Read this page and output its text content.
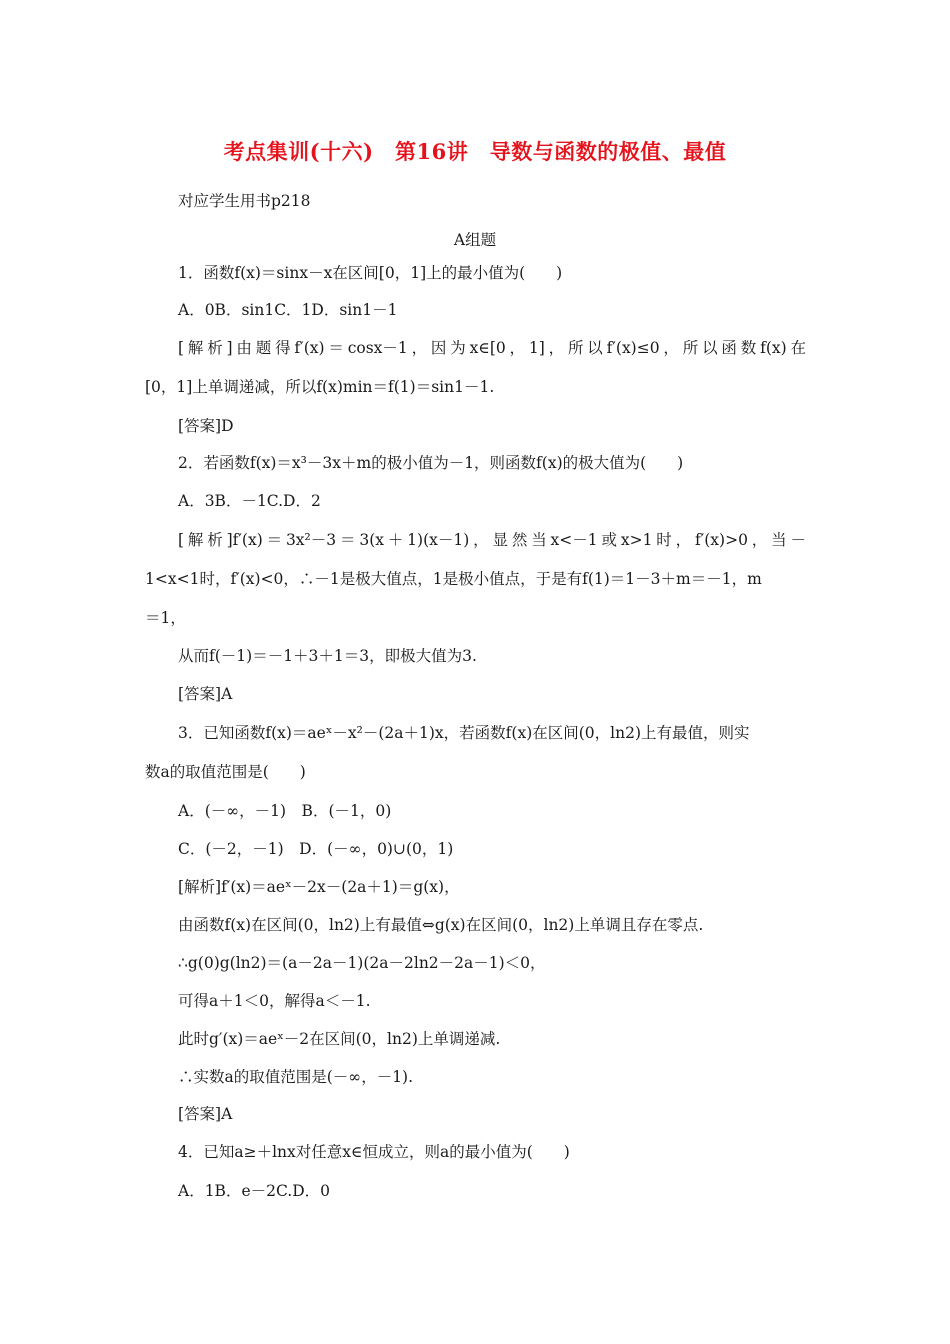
考点集训(十六)　第16讲　导数与函数的极值、最值
对应学生用书p218
A组题
1．函数f(x)＝sinx－x在区间[0，1]上的最小值为(　　)
A．0B．sin1C．1D．sin1－1
[解析]由题得f′(x)＝cosx－1，因为x∈[0，1]，所以f′(x)≤0，所以函数f(x)在
[0，1]上单调递减，所以f(x)min＝f(1)＝sin1－1.
[答案]D
2．若函数f(x)＝x³－3x＋m的极小值为－1，则函数f(x)的极大值为(　　)
A．3B．－1C.D．2
[解析]f′(x)＝3x²－3＝3(x＋1)(x－1)，显然当x<－1或x>1时，f′(x)>0，当－
1<x<1时，f′(x)<0，∴－1是极大值点，1是极小值点，于是有f(1)＝1－3＋m＝－1，m
＝1，
从而f(－1)＝－1＋3＋1＝3，即极大值为3.
[答案]A
3．已知函数f(x)＝aeˣ－x²－(2a＋1)x，若函数f(x)在区间(0，ln2)上有最值，则实
数a的取值范围是(　　)
A．(－∞，－1)　B．(－1，0)
C．(－2，－1)　D．(－∞，0)∪(0，1)
[解析]f′(x)＝aeˣ－2x－(2a＋1)＝g(x)，
由函数f(x)在区间(0，ln2)上有最值⇔g(x)在区间(0，ln2)上单调且存在零点.
∴g(0)g(ln2)＝(a－2a－1)(2a－2ln2－2a－1)＜0，
可得a＋1＜0，解得a＜－1.
此时g′(x)＝aeˣ－2在区间(0，ln2)上单调递减.
∴实数a的取值范围是(－∞，－1).
[答案]A
4．已知a≥＋lnx对任意x∈恒成立，则a的最小值为(　　)
A．1B．e－2C.D．0
